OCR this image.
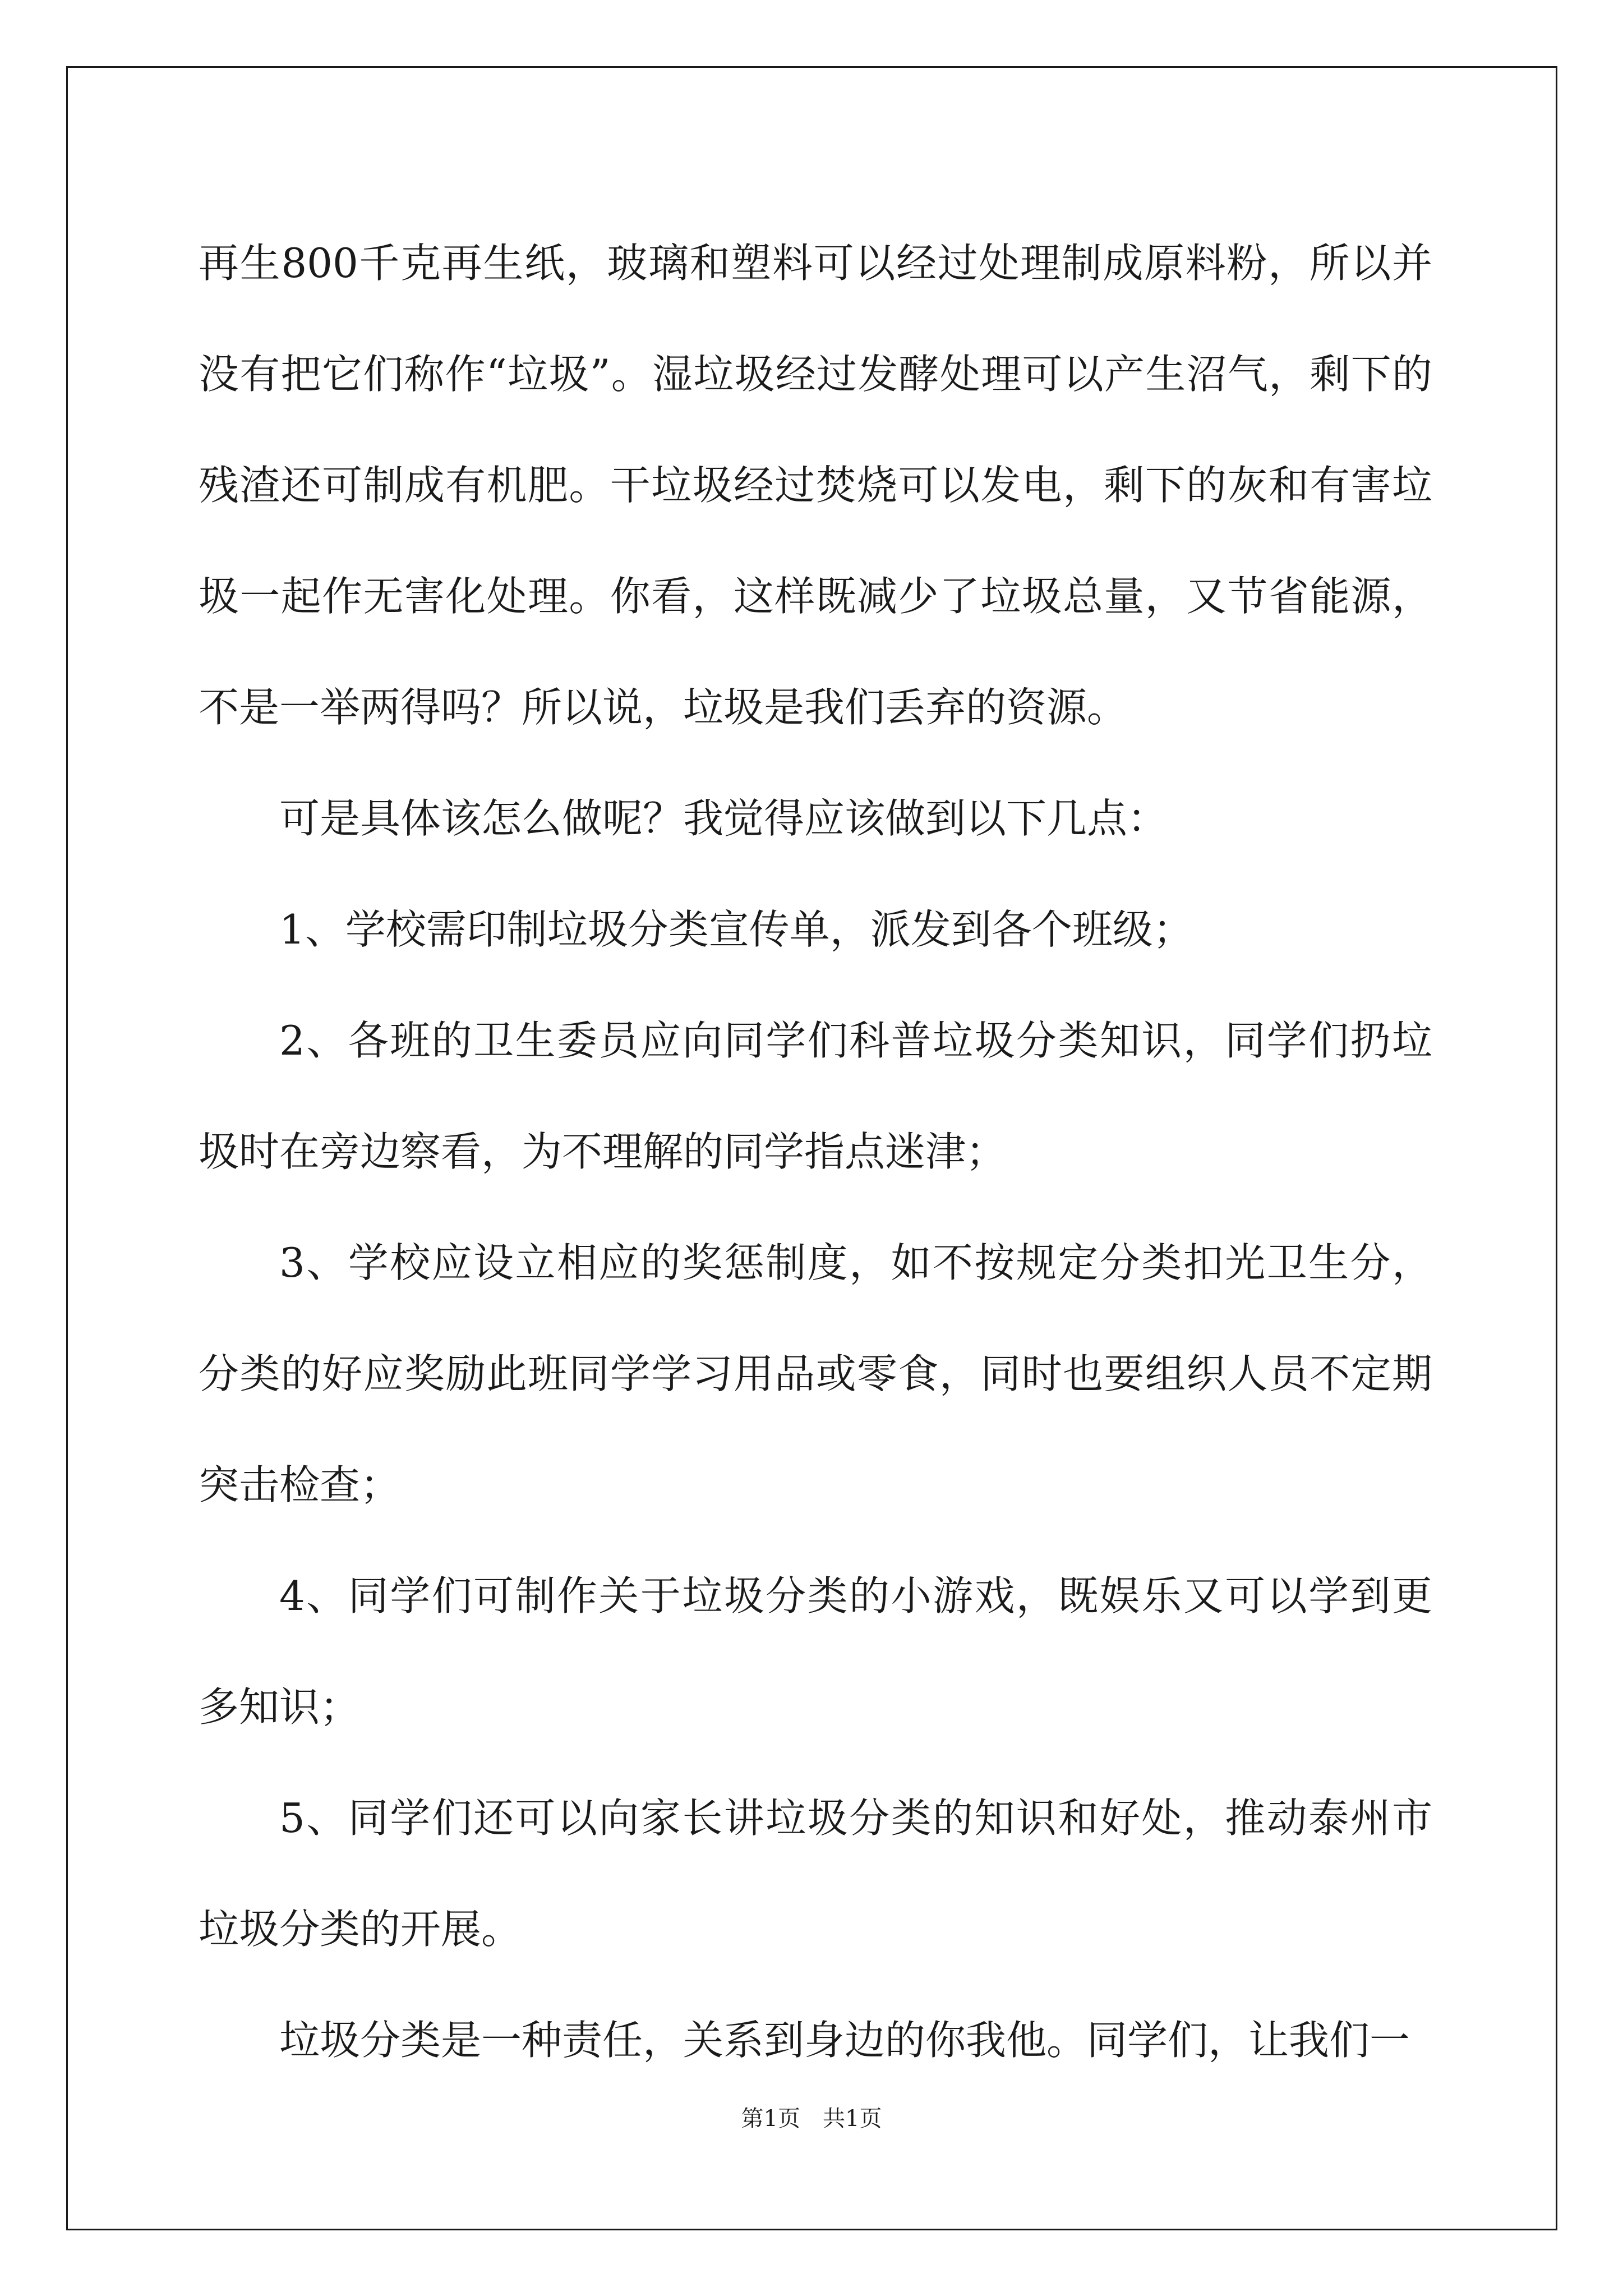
再生800千克再生纸，玻璃和塑料可以经过处理制成原料粉，所以并没有把它们称作“垃圾”。湿垃圾经过发酵处理可以产生沼气，剩下的残渣还可制成有机肥。干垃圾经过焚烧可以发电，剩下的灰和有害垃圾一起作无害化处理。你看，这样既减少了垃圾总量，又节省能源，不是一举两得吗？所以说，垃圾是我们丢弃的资源。

可是具体该怎么做呢？我觉得应该做到以下几点：

1、学校需印制垃圾分类宣传单，派发到各个班级；

2、各班的卫生委员应向同学们科普垃圾分类知识，同学们扔垃圾时在旁边察看，为不理解的同学指点迷津；

3、学校应设立相应的奖惩制度，如不按规定分类扣光卫生分，分类的好应奖励此班同学学习用品或零食，同时也要组织人员不定期突击检查；

4、同学们可制作关于垃圾分类的小游戏，既娱乐又可以学到更多知识；

5、同学们还可以向家长讲垃圾分类的知识和好处，推动泰州市垃圾分类的开展。

垃圾分类是一种责任，关系到身边的你我他。同学们，让我们一

第1页 共1页
